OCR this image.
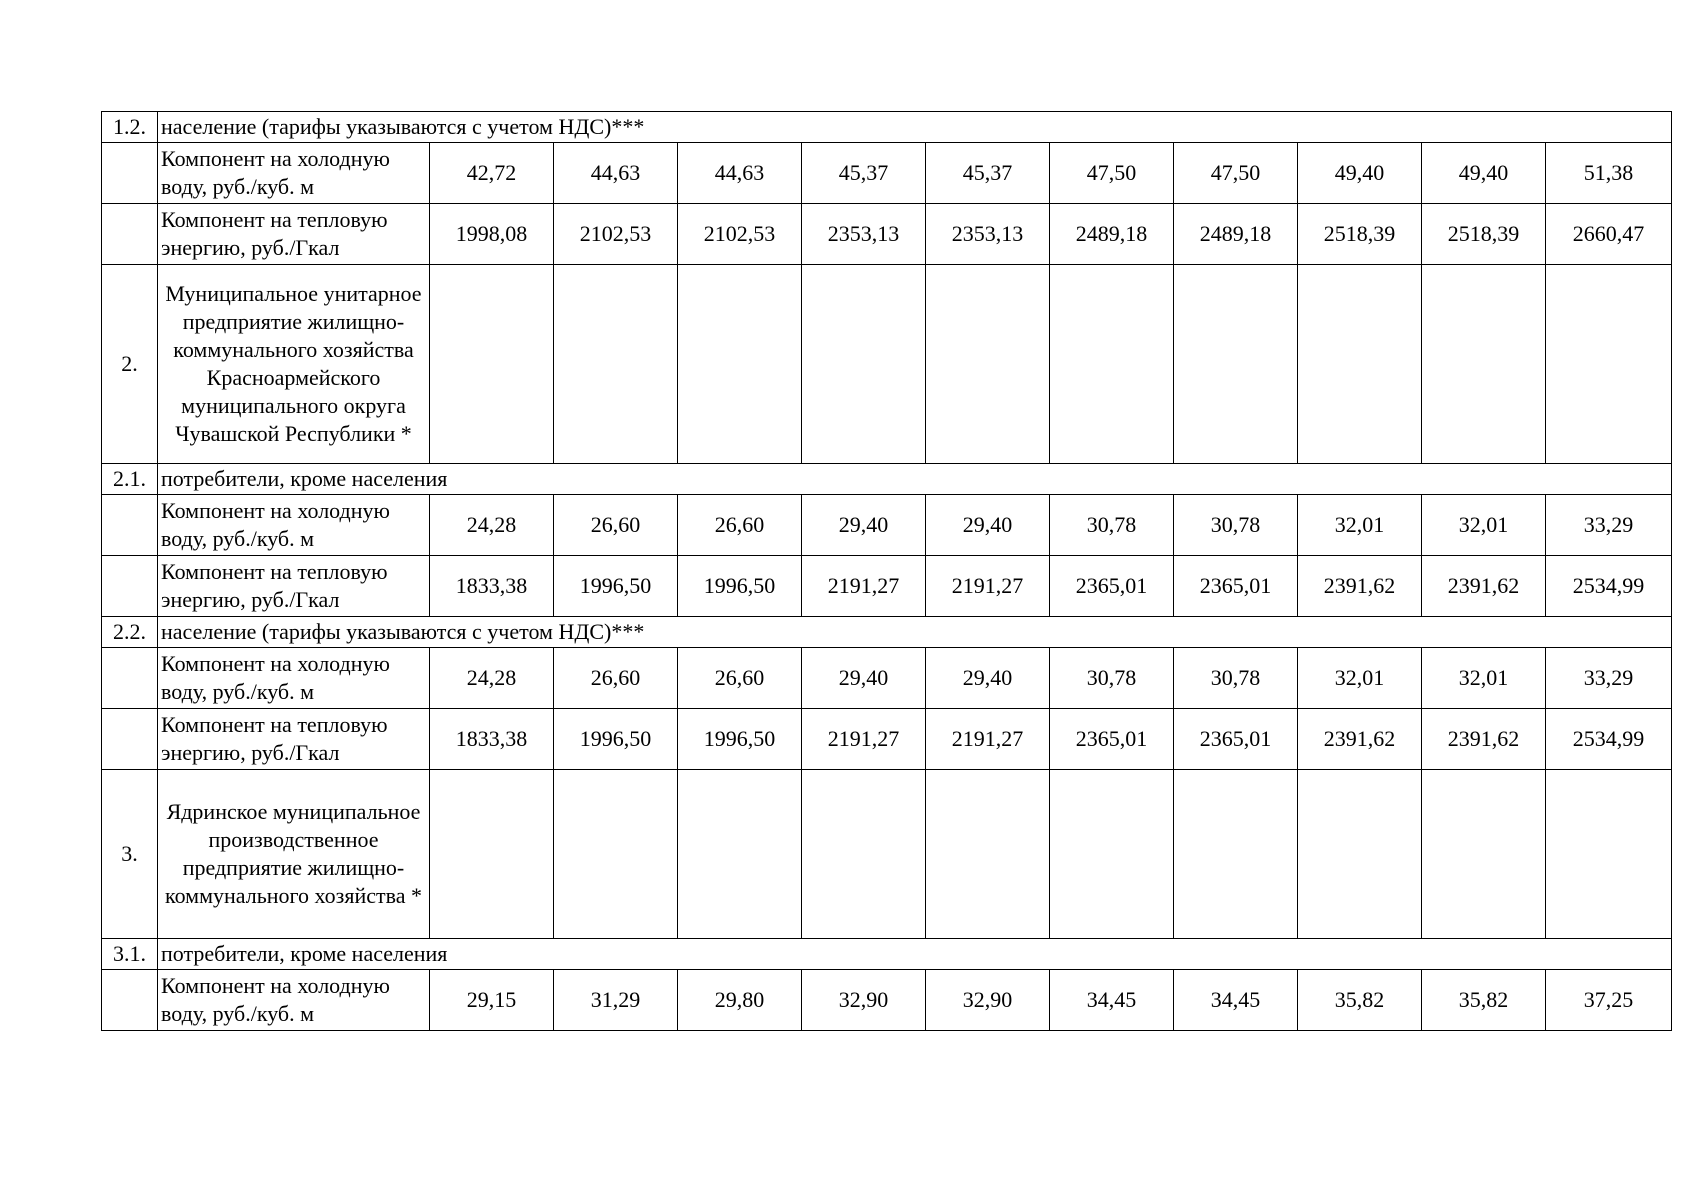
1.2.	население (тарифы указываются с учетом НДС)***										
	Компонент на холодную воду, руб./куб. м	42,72	44,63	44,63	45,37	45,37	47,50	47,50	49,40	49,40	51,38
	Компонент на тепловую энергию, руб./Гкал	1998,08	2102,53	2102,53	2353,13	2353,13	2489,18	2489,18	2518,39	2518,39	2660,47
2.	Муниципальное унитарное предприятие жилищно-коммунального хозяйства Красноармейского муниципального округа Чувашской Республики *										
2.1.	потребители, кроме населения										
	Компонент на холодную воду, руб./куб. м	24,28	26,60	26,60	29,40	29,40	30,78	30,78	32,01	32,01	33,29
	Компонент на тепловую энергию, руб./Гкал	1833,38	1996,50	1996,50	2191,27	2191,27	2365,01	2365,01	2391,62	2391,62	2534,99
2.2.	население (тарифы указываются с учетом НДС)***										
	Компонент на холодную воду, руб./куб. м	24,28	26,60	26,60	29,40	29,40	30,78	30,78	32,01	32,01	33,29
	Компонент на тепловую энергию, руб./Гкал	1833,38	1996,50	1996,50	2191,27	2191,27	2365,01	2365,01	2391,62	2391,62	2534,99
3.	Ядринское муниципальное производственное предприятие жилищно-коммунального хозяйства *										
3.1.	потребители, кроме населения										
	Компонент на холодную воду, руб./куб. м	29,15	31,29	29,80	32,90	32,90	34,45	34,45	35,82	35,82	37,25
